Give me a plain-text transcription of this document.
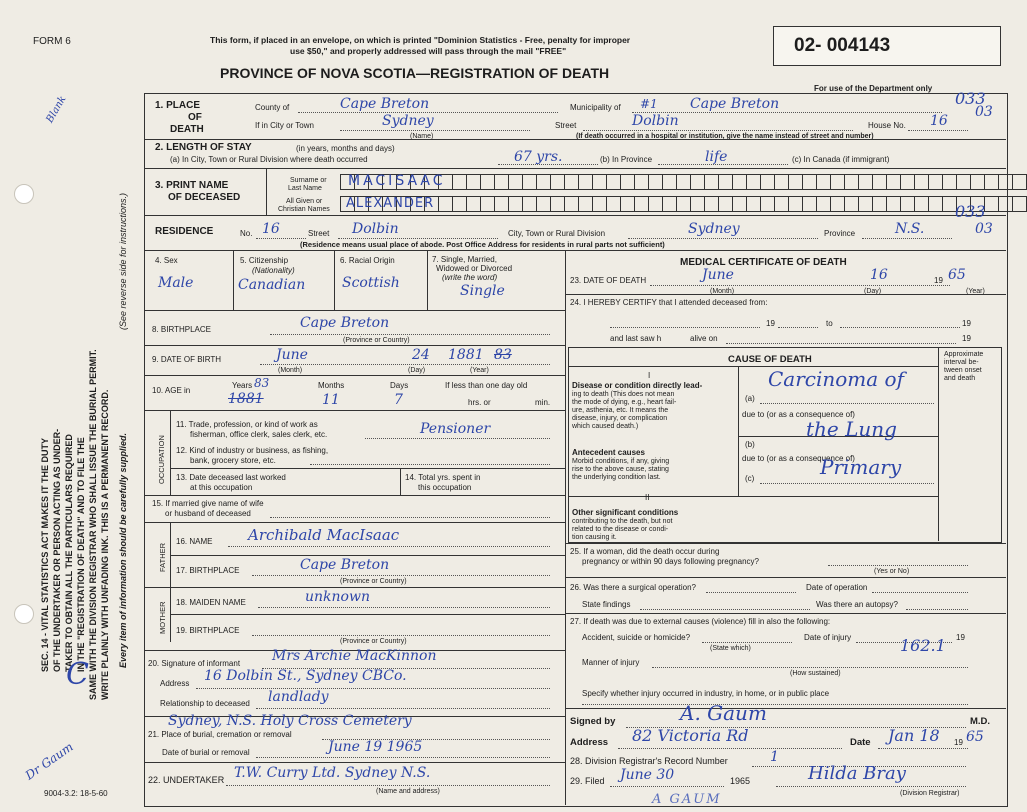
SEC. 14 - VITAL STATISTICS ACT MAKES IT THE DUTY OF THE UNDERTAKER OR PERSON ACTING AS UNDER- TAKER TO OBTAIN ALL THE PARTICULARS REQUIRED IN THE "REGISTRATION OF DEATH" AND TO FILE THE SAME WITH THE DIVISION REGISTRAR WHO SHALL ISSUE THE BURIAL PERMIT. WRITE PLAINLY WITH UNFADING INK. THIS IS A PERMANENT RECORD. Every item of information should be carefully supplied.
(See reverse side for instructions.)
Blank
C
Dr Gaum
FORM 6	This form, if placed in an envelope, on which is printed "Dominion Statistics - Free, penalty for improper
use $50," and properly addressed will pass through the mail "FREE"
PROVINCE OF NOVA SCOTIA—REGISTRATION OF DEATH
02- 004143
For use of the Department only
1. PLACE
OF
DEATH
County of	Cape Breton	Municipality of #1 Cape Breton	033
03
If in City or Town	Sydney
(Name)
Street	Dolbin
(If death occurred in a hospital or institution, give the name instead of street and number)
House No. 16
2. LENGTH OF STAY	(in years, months and days)
(a) In City, Town or Rural Division where death occurred	67 yrs.	(b) In Province	life	(c) In Canada (if immigrant)
3. PRINT NAME
OF DECEASED
Surname or
Last Name
All Given or
Christian Names
MACISAAC
ALEXANDER
RESIDENCE	No. 16	Street Dolbin	City, Town or Rural Division	Sydney	Province	N.S.
033
03
(Residence means usual place of abode. Post Office Address for residents in rural parts not sufficient)
4. Sex
Male
5. Citizenship
(Nationality)
Canadian
6. Racial Origin
Scottish
7. Single, Married,
Widowed or Divorced
(write the word)
Single
8. BIRTHPLACE	Cape Breton
(Province or Country)
9. DATE OF BIRTH	June	24 1881 83
(Month)	(Day)	(Year)
10. AGE in
Years 83
1881
Months
11
Days
7
If less than one day old
hrs. or	min.
OCCUPATION
11. Trade, profession, or kind of work as
fisherman, office clerk, sales clerk, etc.	Pensioner
12. Kind of industry or business, as fishing,
bank, grocery store, etc.
13. Date deceased last worked
at this occupation
14. Total yrs. spent in
this occupation
15. If married give name of wife
or husband of deceased
FATHER
16. NAME Archibald MacIsaac
17. BIRTHPLACE	Cape Breton
(Province or Country)
MOTHER 18. MAIDEN NAME	unknown
19. BIRTHPLACE
(Province or Country)
20. Signature of informant Mrs Archie MacKinnon
Address 16 Dolbin St., Sydney CBCo.
Relationship to deceased landlady
Sydney, N.S. Holy Cross Cemetery
21. Place of burial, cremation or removal
Date of burial or removal	June 19 1965
22. UNDERTAKER T.W. Curry Ltd. Sydney N.S.
(Name and address)
MEDICAL CERTIFICATE OF DEATH
23. DATE OF DEATH	June	16	19 65
(Month)	(Day)	(Year)
24. I HEREBY CERTIFY that I attended deceased from:
19	to	19
and last saw h	alive on	19
CAUSE OF DEATH	Approximate
interval be-
tween onset
and death
I
Disease or condition directly lead-
ing to death (This does not mean
the mode of dying, e.g., heart fail-
ure, asthenia, etc. It means the
disease, injury, or complication
which caused death.)
(a)
Carcinoma of
due to (or as a consequence of)
Antecedent causes
Morbid conditions, if any, giving
rise to the above cause, stating
the underlying condition last.
(b)
the Lung
due to (or as a consequence of)
(c)	Primary
II
Other significant conditions
contributing to the death, but not
related to the disease or condi-
tion causing it.
25. If a woman, did the death occur during
pregnancy or within 90 days following pregnancy?
(Yes or No)
26. Was there a surgical operation?	Date of operation
State findings	Was there an autopsy?
27. If death was due to external causes (violence) fill in also the following:
Accident, suicide or homicide?	Date of injury	19
(State which)	162.1
Manner of injury
(How sustained)
Specify whether injury occurred in industry, in home, or in public place
Signed by	A. Gaum	M.D.
Address 82 Victoria Rd	Date Jan 18 19 65
28. Division Registrar's Record Number	1
29. Filed June 30	1965	Hilda Bray
(Division Registrar)
A GAUM
9004-3.2: 18-5-60
